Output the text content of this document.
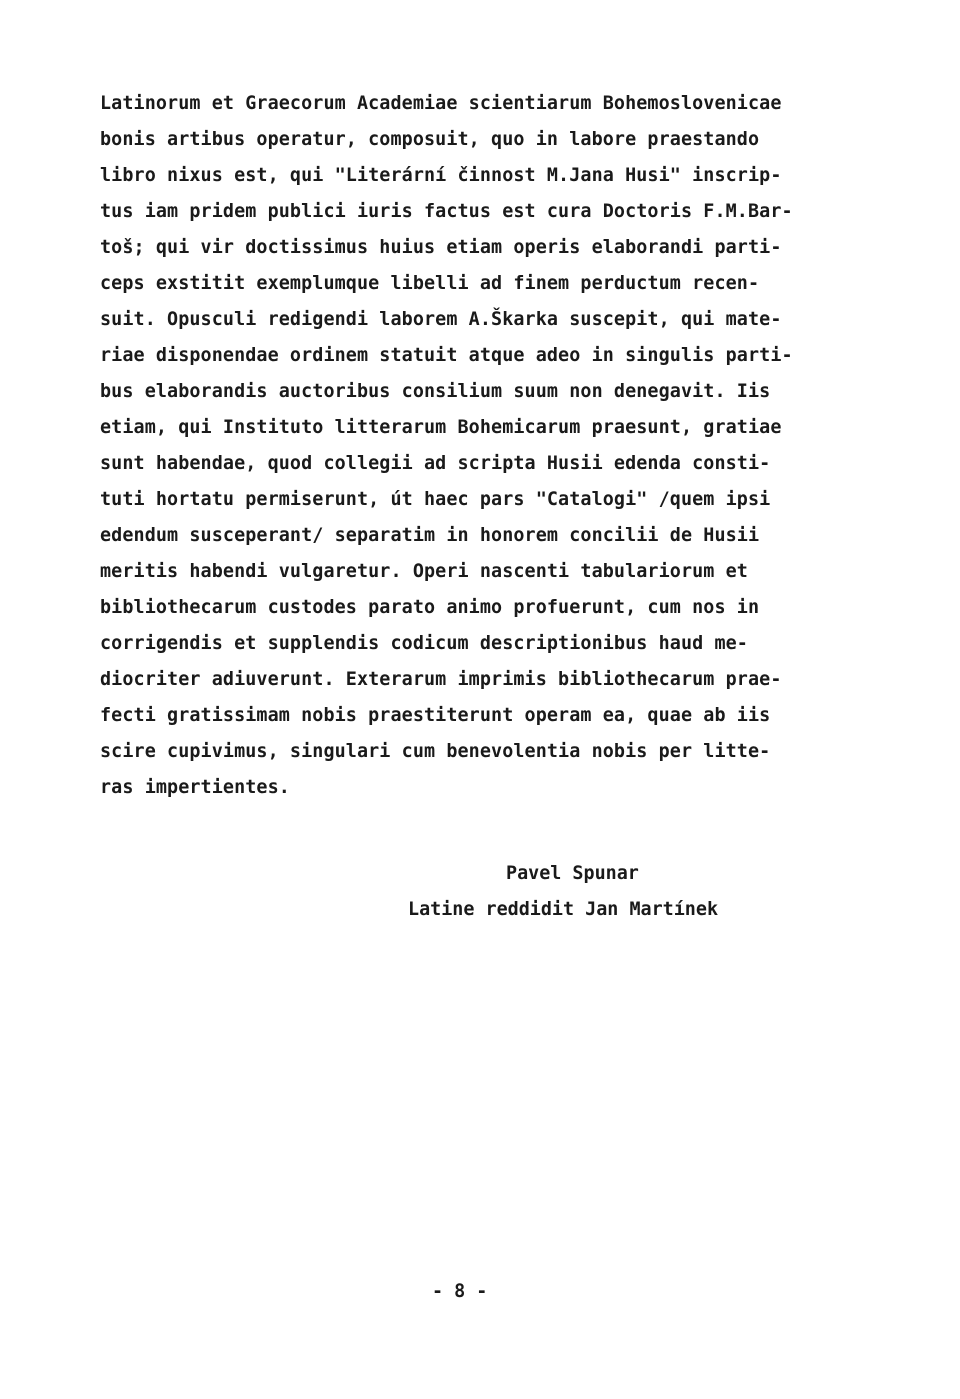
Latinorum et Graecorum Academiae scientiarum Bohemoslovenicae
bonis artibus operatur, composuit, quo in labore praestando
libro nixus est, qui "Literární činnost M.Jana Husi" inscrip-
tus iam pridem publici iuris factus est cura Doctoris F.M.Bar-
toš; qui vir doctissimus huius etiam operis elaborandi parti-
ceps exstitit exemplumque libelli ad finem perductum recen-
suit. Opusculi redigendi laborem A.Škarka suscepit, qui mate-
riae disponendae ordinem statuit atque adeo in singulis parti-
bus elaborandis auctoribus consilium suum non denegavit. Iis
etiam, qui Instituto litterarum Bohemicarum praesunt, gratiae
sunt habendae, quod collegii ad scripta Husii edenda consti-
tuti hortatu permiserunt, út haec pars "Catalogi" /quem ipsi
edendum susceperant/ separatim in honorem concilii de Husii
meritis habendi vulgaretur. Operi nascenti tabulariorum et
bibliothecarum custodes parato animo profuerunt, cum nos in
corrigendis et supplendis codicum descriptionibus haud me-
diocriter adiuverunt. Exterarum imprimis bibliothecarum prae-
fecti gratissimam nobis praestiterunt operam ea, quae ab iis
scire cupivimus, singulari cum benevolentia nobis per litte-
ras impertientes.
Pavel Spunar
Latine reddidit Jan Martínek
- 8 -
